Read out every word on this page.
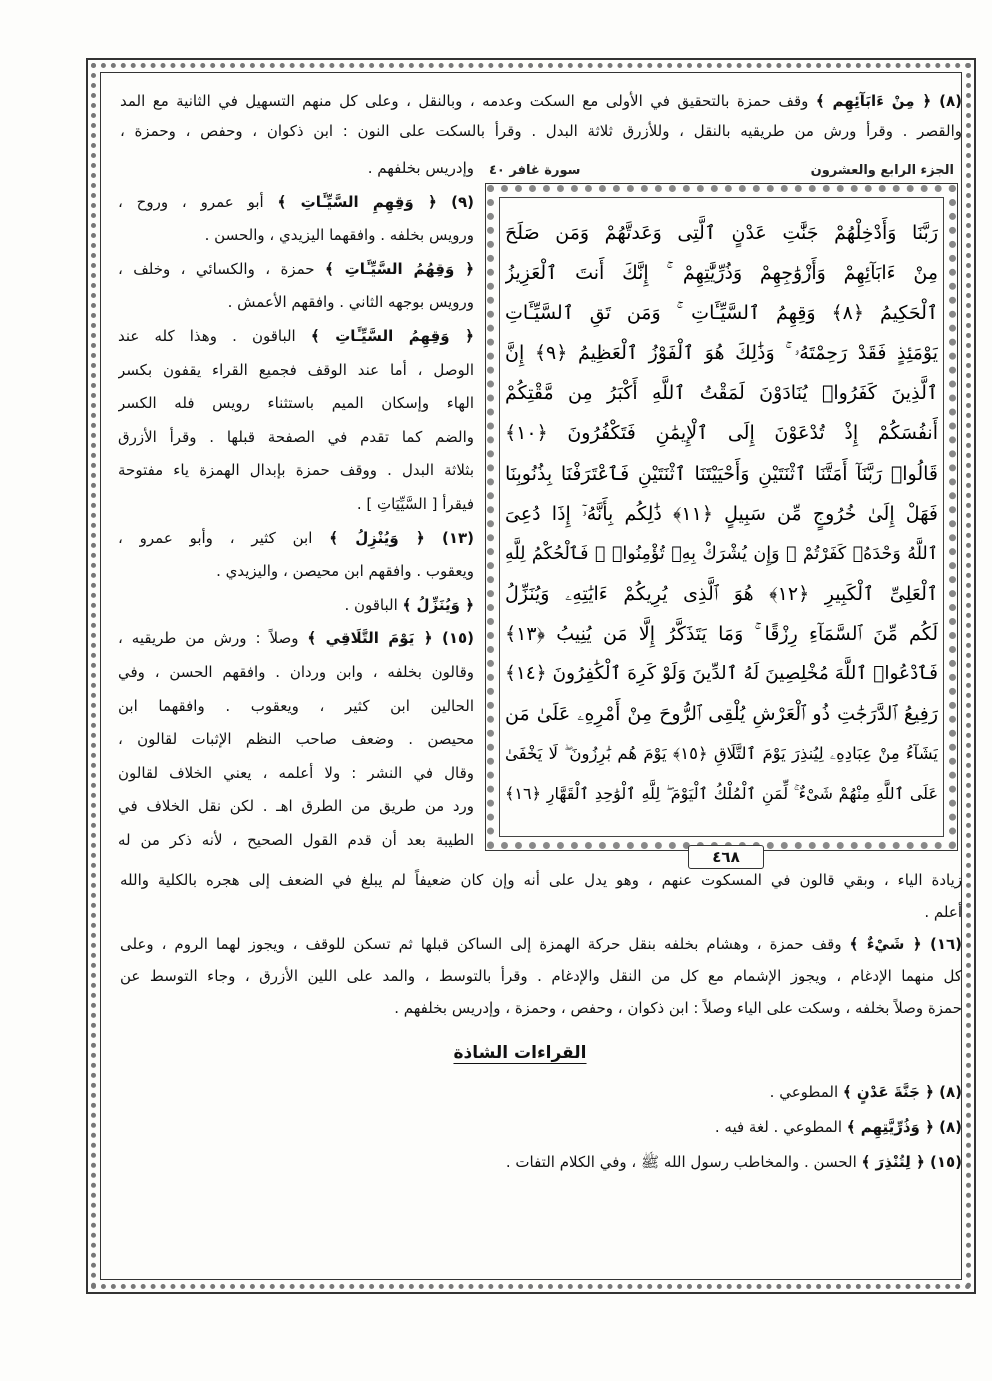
(٨) ﴿ مِنْ ءَابَآئِهِم ﴾ وقف حمزة بالتحقيق في الأولى مع السكت وعدمه ، وبالنقل ، وعلى كل منهم التسهيل في الثانية مع المد
والقصر . وقرأ ورش من طريقيه بالنقل ، وللأزرق ثلاثة البدل . وقرأ بالسكت على النون : ابن ذكوان ، وحفص ، وحمزة ،
الجزء الرابع والعشرون
سورة غافر ٤٠
رَبَّنَا وَأَدْخِلْهُمْ جَنَّٰتِ عَدْنٍ ٱلَّتِى وَعَدتَّهُمْ وَمَن صَلَحَ
مِنْ ءَابَآئِهِمْ وَأَزْوَٰجِهِمْ وَذُرِّيَّٰتِهِمْ ۚ إِنَّكَ أَنتَ ٱلْعَزِيزُ
ٱلْحَكِيمُ ﴿٨﴾ وَقِهِمُ ٱلسَّيِّـَٔاتِ ۚ وَمَن تَقِ ٱلسَّيِّـَٔاتِ
يَوْمَئِذٍ فَقَدْ رَحِمْتَهُۥ ۚ وَذَٰلِكَ هُوَ ٱلْفَوْزُ ٱلْعَظِيمُ ﴿٩﴾ إِنَّ
ٱلَّذِينَ كَفَرُوا۟ يُنَادَوْنَ لَمَقْتُ ٱللَّهِ أَكْبَرُ مِن مَّقْتِكُمْ
أَنفُسَكُمْ إِذْ تُدْعَوْنَ إِلَى ٱلْإِيمَٰنِ فَتَكْفُرُونَ ﴿١٠﴾
قَالُوا۟ رَبَّنَآ أَمَتَّنَا ٱثْنَتَيْنِ وَأَحْيَيْتَنَا ٱثْنَتَيْنِ فَٱعْتَرَفْنَا بِذُنُوبِنَا
فَهَلْ إِلَىٰ خُرُوجٍ مِّن سَبِيلٍ ﴿١١﴾ ذَٰلِكُم بِأَنَّهُۥٓ إِذَا دُعِىَ
ٱللَّهُ وَحْدَهُۥ كَفَرْتُمْ ۖ وَإِن يُشْرَكْ بِهِۦ تُؤْمِنُوا۟ ۚ فَٱلْحُكْمُ لِلَّهِ
ٱلْعَلِىِّ ٱلْكَبِيرِ ﴿١٢﴾ هُوَ ٱلَّذِى يُرِيكُمْ ءَايَٰتِهِۦ وَيُنَزِّلُ
لَكُم مِّنَ ٱلسَّمَآءِ رِزْقًا ۚ وَمَا يَتَذَكَّرُ إِلَّا مَن يُنِيبُ ﴿١٣﴾
فَٱدْعُوا۟ ٱللَّهَ مُخْلِصِينَ لَهُ ٱلدِّينَ وَلَوْ كَرِهَ ٱلْكَٰفِرُونَ ﴿١٤﴾
رَفِيعُ ٱلدَّرَجَٰتِ ذُو ٱلْعَرْشِ يُلْقِى ٱلرُّوحَ مِنْ أَمْرِهِۦ عَلَىٰ مَن
يَشَآءُ مِنْ عِبَادِهِۦ لِيُنذِرَ يَوْمَ ٱلتَّلَاقِ ﴿١٥﴾ يَوْمَ هُم بَٰرِزُونَ ۖ لَا يَخْفَىٰ
عَلَى ٱللَّهِ مِنْهُمْ شَىْءٌ ۚ لِّمَنِ ٱلْمُلْكُ ٱلْيَوْمَ ۖ لِلَّهِ ٱلْوَٰحِدِ ٱلْقَهَّارِ ﴿١٦﴾
٤٦٨
وإدريس بخلفهم .
(٩) ﴿ وَقِهِمِ السَّيِّـَٔاتِ ﴾ أبو عمرو ، وروح ،
ورويس بخلفه . وافقهما اليزيدي ، والحسن .
﴿ وَقِهُمُ السَّيِّـَٔاتِ ﴾ حمزة ، والكسائي ، وخلف ،
ورويس بوجهه الثاني . وافقهم الأعمش .
﴿ وَقِهِمُ السَّيِّـَٔاتِ ﴾ الباقون . وهذا كله عند
الوصل ، أما عند الوقف فجميع القراء يقفون بكسر
الهاء وإسكان الميم باستثناء رويس فله الكسر
والضم كما تقدم في الصفحة قبلها . وقرأ الأزرق
بثلاثة البدل . ووقف حمزة بإبدال الهمزة ياء مفتوحة
فيقرأ [ السَّيِّيَاتِ ] .
(١٣) ﴿ وَيُنْزِلُ ﴾ ابن كثير ، وأبو عمرو ،
ويعقوب . وافقهم ابن محيصن ، واليزيدي .
﴿ وَيُنَزِّلُ ﴾ الباقون .
(١٥) ﴿ يَوْمَ التَّلَاقِي ﴾ وصلاً : ورش من طريقيه ،
وقالون بخلفه ، وابن وردان . وافقهم الحسن ، وفي
الحالين ابن كثير ، ويعقوب . وافقهما ابن
محيصن . وضعف صاحب النظم الإثبات لقالون ،
وقال في النشر : ولا أعلمه ، يعني الخلاف لقالون
ورد من طريق من الطرق اهـ . لكن نقل الخلاف في
الطيبة بعد أن قدم القول الصحيح ، لأنه ذكر من له
زيادة الياء ، وبقي قالون في المسكوت عنهم ، وهو يدل على أنه وإن كان ضعيفاً لم يبلغ في الضعف إلى هجره بالكلية والله
أعلم .
(١٦) ﴿ شَيْءٌ ﴾ وقف حمزة ، وهشام بخلفه بنقل حركة الهمزة إلى الساكن قبلها ثم تسكن للوقف ، ويجوز لهما الروم ، وعلى
كل منهما الإدغام ، ويجوز الإشمام مع كل من النقل والإدغام . وقرأ بالتوسط ، والمد على اللين الأزرق ، وجاء التوسط عن
حمزة وصلاً بخلفه ، وسكت على الياء وصلاً : ابن ذكوان ، وحفص ، وحمزة ، وإدريس بخلفهم .
القراءات الشاذة
(٨) ﴿ جَنَّةَ عَدْنٍ ﴾ المطوعي .
(٨) ﴿ وَذُرِّيَّتِهِم ﴾ المطوعي . لغة فيه .
(١٥) ﴿ لِتُنْذِرَ ﴾ الحسن . والمخاطب رسول الله ﷺ ، وفي الكلام التفات .
